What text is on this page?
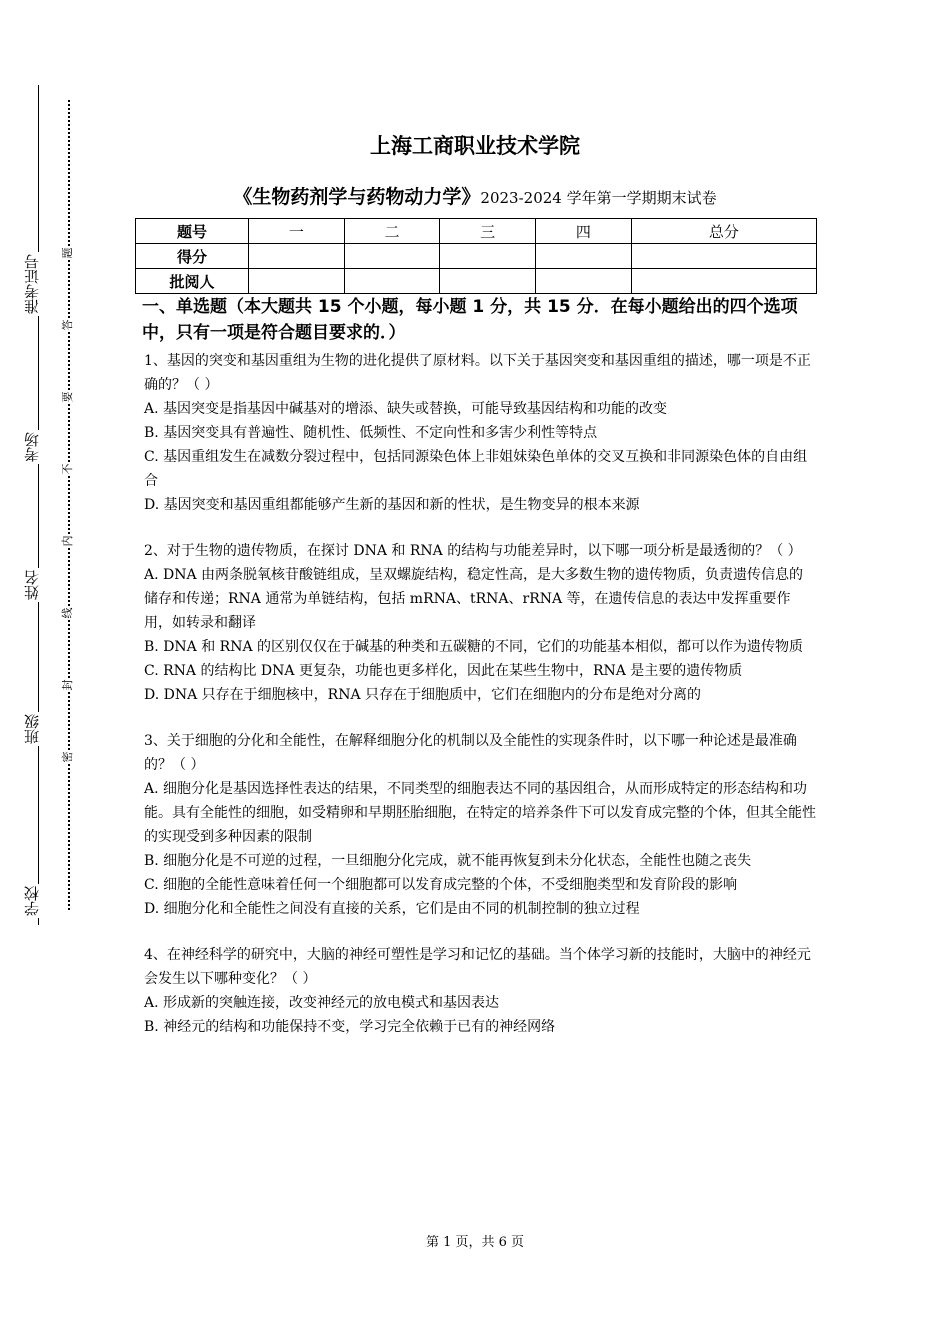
准考证号
考场
姓名
班级
学校
题
答
要
不
内
线
封
密
上海工商职业技术学院
《生物药剂学与药物动力学》2023-2024 学年第一学期期末试卷
题号	一	二	三	四	总分
得分					
批阅人					
一、单选题（本大题共 15 个小题，每小题 1 分，共 15 分．在每小题给出的四个选项中，只有一项是符合题目要求的．）

1、基因的突变和基因重组为生物的进化提供了原材料。以下关于基因突变和基因重组的描述，哪一项是不正确的？（ ）

A. 基因突变是指基因中碱基对的增添、缺失或替换，可能导致基因结构和功能的改变

B. 基因突变具有普遍性、随机性、低频性、不定向性和多害少利性等特点

C. 基因重组发生在减数分裂过程中，包括同源染色体上非姐妹染色单体的交叉互换和非同源染色体的自由组合

D. 基因突变和基因重组都能够产生新的基因和新的性状，是生物变异的根本来源

2、对于生物的遗传物质，在探讨 DNA 和 RNA 的结构与功能差异时，以下哪一项分析是最透彻的？（ ）

A. DNA 由两条脱氧核苷酸链组成，呈双螺旋结构，稳定性高，是大多数生物的遗传物质，负责遗传信息的储存和传递；RNA 通常为单链结构，包括 mRNA、tRNA、rRNA 等，在遗传信息的表达中发挥重要作用，如转录和翻译

B. DNA 和 RNA 的区别仅仅在于碱基的种类和五碳糖的不同，它们的功能基本相似，都可以作为遗传物质

C. RNA 的结构比 DNA 更复杂，功能也更多样化，因此在某些生物中，RNA 是主要的遗传物质

D. DNA 只存在于细胞核中，RNA 只存在于细胞质中，它们在细胞内的分布是绝对分离的

3、关于细胞的分化和全能性，在解释细胞分化的机制以及全能性的实现条件时，以下哪一种论述是最准确的？（ ）

A. 细胞分化是基因选择性表达的结果，不同类型的细胞表达不同的基因组合，从而形成特定的形态结构和功能。具有全能性的细胞，如受精卵和早期胚胎细胞，在特定的培养条件下可以发育成完整的个体，但其全能性的实现受到多种因素的限制

B. 细胞分化是不可逆的过程，一旦细胞分化完成，就不能再恢复到未分化状态，全能性也随之丧失

C. 细胞的全能性意味着任何一个细胞都可以发育成完整的个体，不受细胞类型和发育阶段的影响

D. 细胞分化和全能性之间没有直接的关系，它们是由不同的机制控制的独立过程

4、在神经科学的研究中，大脑的神经可塑性是学习和记忆的基础。当个体学习新的技能时，大脑中的神经元会发生以下哪种变化？（ ）

A. 形成新的突触连接，改变神经元的放电模式和基因表达

B. 神经元的结构和功能保持不变，学习完全依赖于已有的神经网络

第 1 页，共 6 页
